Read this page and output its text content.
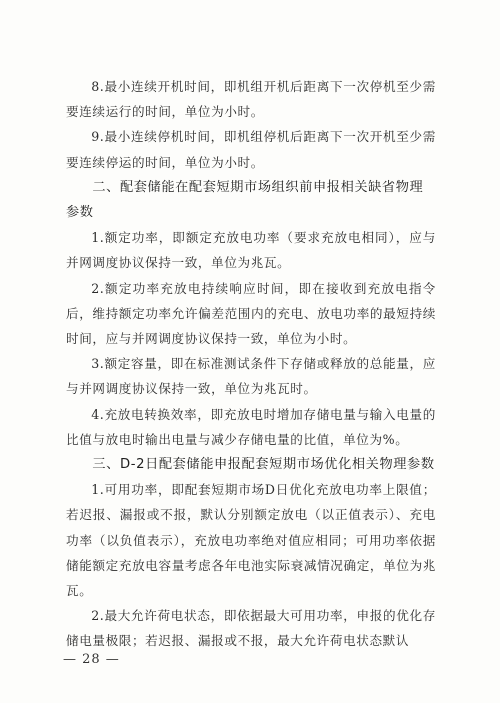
8.最小连续开机时间，即机组开机后距离下一次停机至少需要连续运行的时间，单位为小时。

9.最小连续停机时间，即机组停机后距离下一次开机至少需要连续停运的时间，单位为小时。

二、配套储能在配套短期市场组织前申报相关缺省物理参数

1.额定功率，即额定充放电功率（要求充放电相同），应与并网调度协议保持一致，单位为兆瓦。

2.额定功率充放电持续响应时间，即在接收到充放电指令后，维持额定功率允许偏差范围内的充电、放电功率的最短持续时间，应与并网调度协议保持一致，单位为小时。

3.额定容量，即在标准测试条件下存储或释放的总能量，应与并网调度协议保持一致，单位为兆瓦时。

4.充放电转换效率，即充放电时增加存储电量与输入电量的比值与放电时输出电量与减少存储电量的比值，单位为%。

三、D-2日配套储能申报配套短期市场优化相关物理参数

1.可用功率，即配套短期市场D日优化充放电功率上限值；若迟报、漏报或不报，默认分别额定放电（以正值表示）、充电功率（以负值表示），充放电功率绝对值应相同；可用功率依据储能额定充放电容量考虑各年电池实际衰减情况确定，单位为兆瓦。

2.最大允许荷电状态，即依据最大可用功率，申报的优化存储电量极限；若迟报、漏报或不报，最大允许荷电状态默认

— 28 —
